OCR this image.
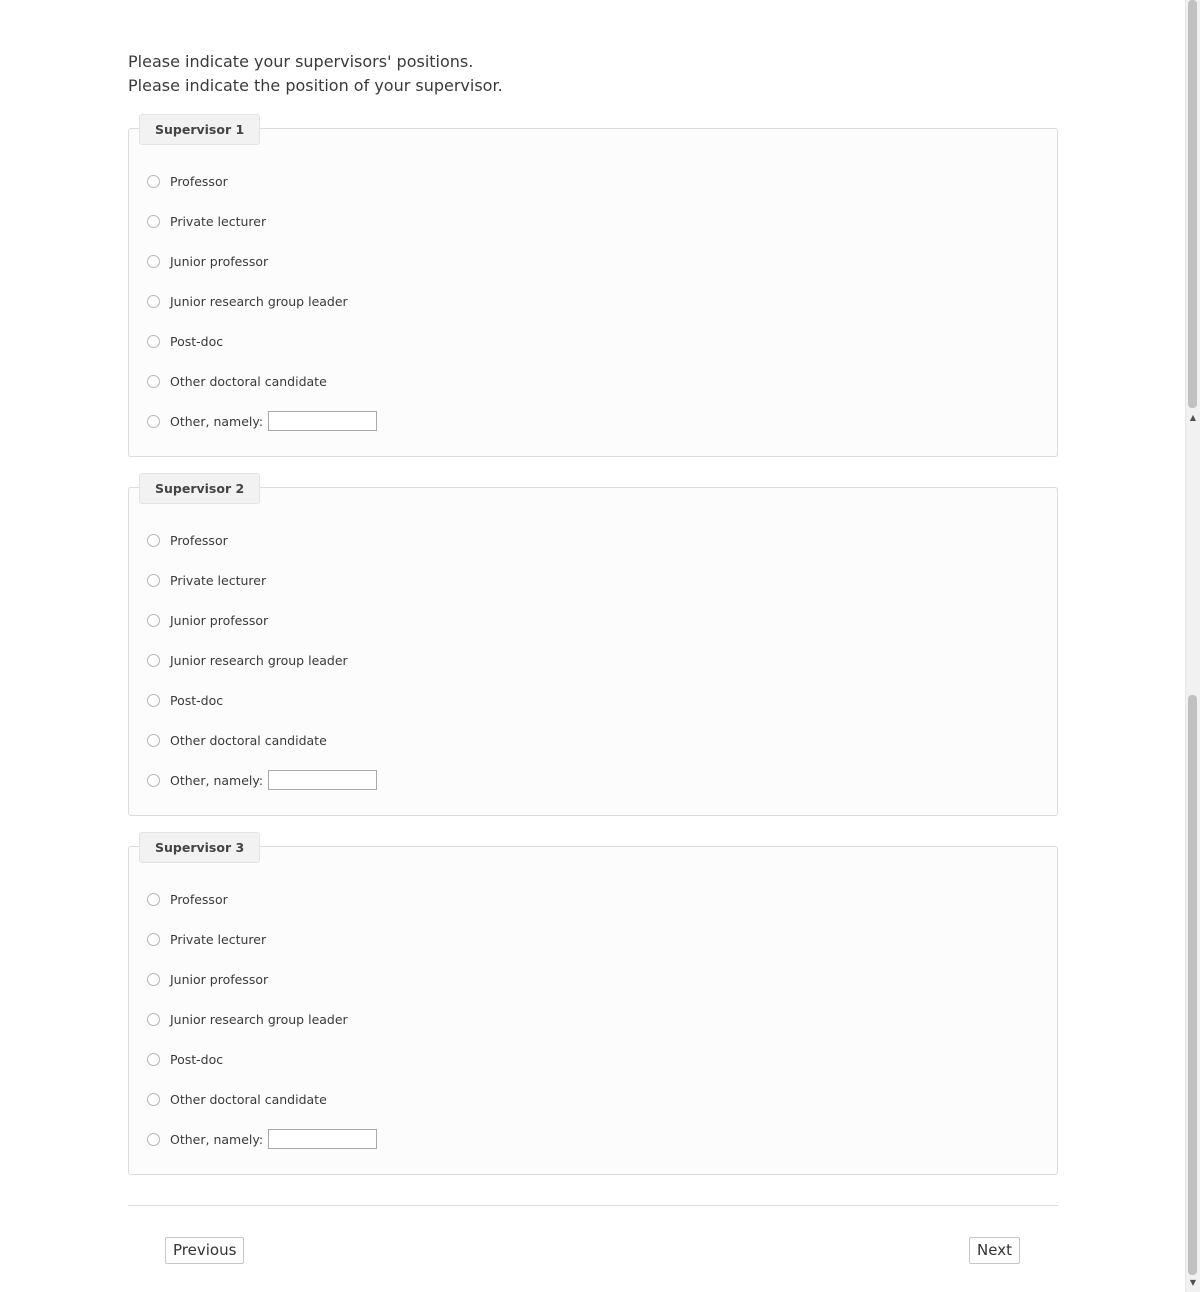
Please indicate your supervisors' positions.
Please indicate the position of your supervisor.
Supervisor 1
Professor
Private lecturer
Junior professor
Junior research group leader
Post-doc
Other doctoral candidate
Other, namely:
Supervisor 2
Professor
Private lecturer
Junior professor
Junior research group leader
Post-doc
Other doctoral candidate
Other, namely:
Supervisor 3
Professor
Private lecturer
Junior professor
Junior research group leader
Post-doc
Other doctoral candidate
Other, namely:
Previous	Next
▲
▼
